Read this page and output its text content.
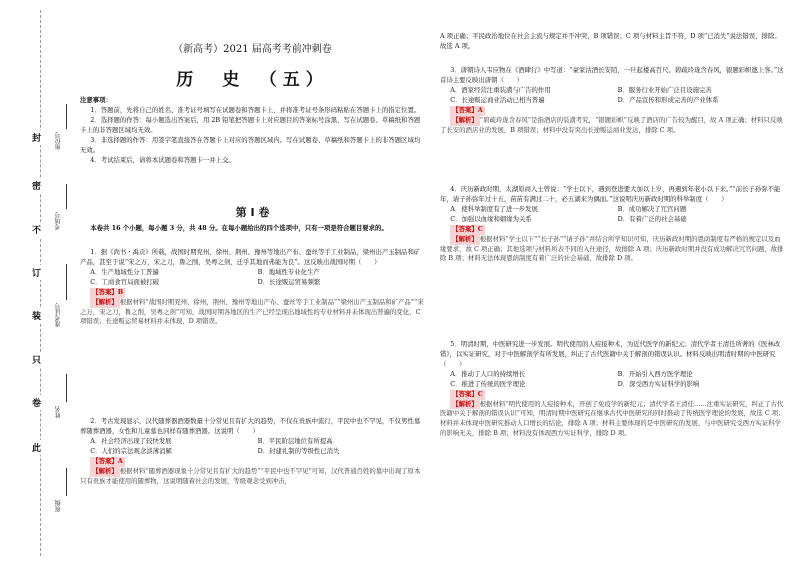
封
密
不
订
装
只
卷
此
座位号
考场号
准考证号
姓名
班级
（新高考）2021 届高考考前冲刺卷
历　史　（五）
注意事项：
1．答题前，先将自己的姓名、准考证号填写在试题卷和答题卡上，并将准考证号条形码粘贴在答题卡上的指定位置。
2．选择题的作答：每小题选出答案后，用 2B 铅笔把答题卡上对应题目的答案标号涂黑，写在试题卷、草稿纸和答题卡上的非答题区域均无效。
3．非选择题的作答：用签字笔直接答在答题卡上对应的答题区域内。写在试题卷、草稿纸和答题卡上的非答题区域均无效。
4．考试结束后，请将本试题卷和答题卡一并上交。
第 I 卷
本卷共 16 个小题，每小题 3 分，共 48 分。在每小题给出的四个选项中，只有一项是符合题目要求的。
1．据《尚书・禹贡》所载，战国时期兖州、徐州、荆州、豫州等地出产布、蚕丝等手工业制品，梁州出产玉制品和矿产品，甚至于说“宋之万，宋之刀，鲁之削，吴粤之剑，迁乎其地而弗能为良”。这反映出战国时期（　　）
A．生产地域性分工普遍	B．地域性专业化生产
C．工商食官局面被打破	D．长途贩运贸易频繁
【答案】B
【解析】 根据材料“战国时期兖州、徐州、荆州、豫州等地出产布、蚕丝等手工业制品”“梁州出产玉制品和矿产品”“宋之万，宋之刀，鲁之削，吴粤之剑”可知，战国时期各地区的生产已经呈现出地域性的专业材料并未体现出普遍的变化，C 项错误；长途贩运贸易材料并未体现，D 项错误。
2．考古发现显示，汉代随葬器酒器数量十分常见且有扩大的趋势，不仅在贵族中流行，平民中也不罕见，不仅男性墓葬随葬酒器，女性和儿童墓也同样有随葬酒器。这说明（　　）
A．社会经济出现了较快发展	B．平民阶层地位有所提高
C．人们的宗法观念淡薄消解	D．封建礼制的等级性已消失
【答案】A
【解析】 根据材料“随葬酒器现象十分常见且有扩大的趋势”“平民中也不罕见”可知，汉代普通百姓的墓中出现了原本只有贵族才能使用的随葬物，这说明随着社会的发展，等级观念受到冲击，
A 项正确；平民政治地位在社会主流与规定并不冲突，B 项错误；C 项与材料主旨不符，D 项“已消失”说法错误，排除。故选 A 项。
3．唐朝诗人韦应物在《酒肆行》中写道：“豪家沽酒长安陌，一旦起楼高百尺。碧疏玲珑含春风，银题彩帜邀上客。”这首诗主要反映出唐朝（　　）
A．酒家经营注重装潢与广告的作用	B．服务行业开始广泛且设施完善
C．长途贩运商业活动已相当普遍	D．产品宣传和形成完善的产业体系
【答案】A
【解析】 “碧疏玲珑含春风”是指酒店的装潢考究，“银题彩帜”反映了酒店的广告较为醒目，故 A 项正确；材料只反映了长安的酒店业的发展，B 项错误；材料中没有突出长途贩运商业发达，排除 C 项。
4．庆历新政时期，太湖原商人士曾说：“学士以下，遇到登进要大加以上岁，再遇到年老小以下来。”“前长子孙弥不能年，请子孙弥年过十五，苗苗有满过二十，必五湖来为偶而。”这说明庆历新政时期的科举制度（　　）
A．使科举制度有了进一步发展	B．成功解决了冗官问题
C．加强以血缘和姻缘为关系	D．有着广泛的社会基础
【答案】C
【解析】 根据材料“学士以下”“长子孙”“请子孙”并结合所学知识可知，庆历新政时期的恩荫制度有严格的规定以及血缘要求，故 C 项正确；其他选项与材料所表不同的入仕途径，故排除 A 项；庆历新政时期并没有成功解决冗官问题，故排除 B 项；材料无法体现恩荫制度有着广泛的社会基础，故排除 D 项。
5．明清时期，中医研究进一步发展。明代使用的人痘接种术，为近代医学的新纪元；清代学者王清任所著的《医林改错》，以实证研究，对于中医解剖学有所发展，纠正了古代医籍中关于解剖的错误认识。材料反映出明清时期的中医研究（　　）
A．推动了人口的持续增长	B．开始引入西方医学理论
C．推进了传统的医学理论	D．深受西方实证科学的影响
【答案】C
【解析】 根据材料“明代使用的人痘接种术，开创了免疫学的新纪元；清代学者王清任……注重实证研究，纠正了古代医籍中关于解剖的错误认识”可知，明清时期中医研究在继承古代中医研究的同时推动了传统医学理论的发展，故选 C 项；材料并未体现中医研究推动人口增长的结论，排除 A 项；材料主要体现的是中医研究的发展，与中医研究受西方实证科学的影响无关，排除 B 项；材料没有体现西方实证科学，排除 D 项。
